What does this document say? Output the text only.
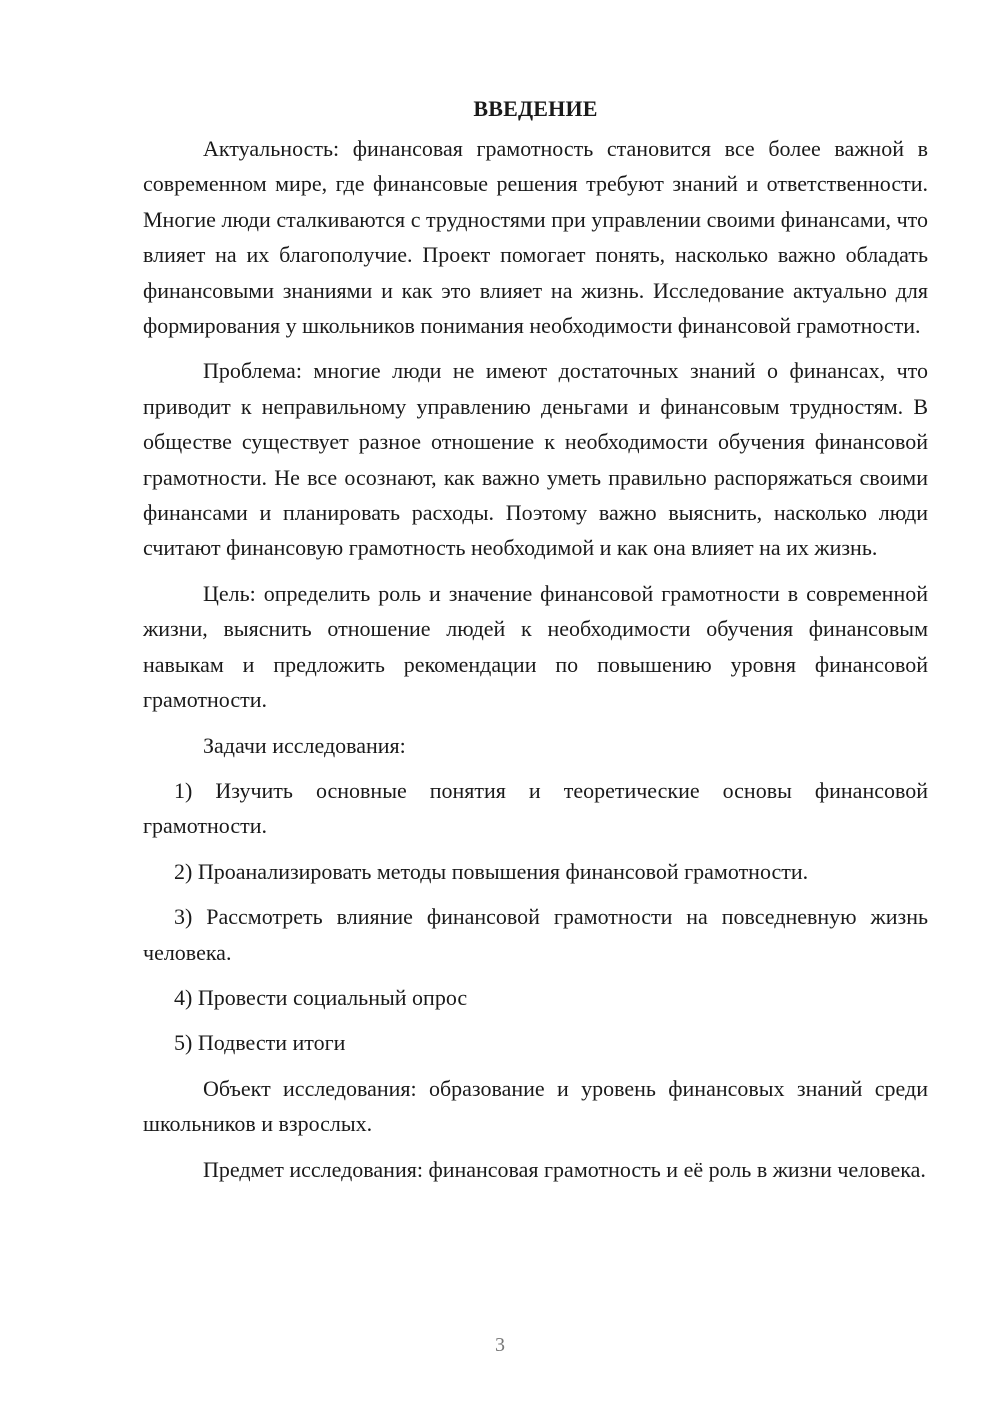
ВВЕДЕНИЕ

Актуальность: финансовая грамотность становится все более важной в современном мире, где финансовые решения требуют знаний и ответственности. Многие люди сталкиваются с трудностями при управлении своими финансами, что влияет на их благополучие. Проект помогает понять, насколько важно обладать финансовыми знаниями и как это влияет на жизнь. Исследование актуально для формирования у школьников понимания необходимости финансовой грамотности.

Проблема: многие люди не имеют достаточных знаний о финансах, что приводит к неправильному управлению деньгами и финансовым трудностям. В обществе существует разное отношение к необходимости обучения финансовой грамотности. Не все осознают, как важно уметь правильно распоряжаться своими финансами и планировать расходы. Поэтому важно выяснить, насколько люди считают финансовую грамотность необходимой и как она влияет на их жизнь.

Цель: определить роль и значение финансовой грамотности в современной жизни, выяснить отношение людей к необходимости обучения финансовым навыкам и предложить рекомендации по повышению уровня финансовой грамотности.

Задачи исследования:

1) Изучить основные понятия и теоретические основы финансовой грамотности.

2) Проанализировать методы повышения финансовой грамотности.

3) Рассмотреть влияние финансовой грамотности на повседневную жизнь человека.

4) Провести социальный опрос

5) Подвести итоги

Объект исследования: образование и уровень финансовых знаний среди школьников и взрослых.

Предмет исследования: финансовая грамотность и её роль в жизни человека.

3
